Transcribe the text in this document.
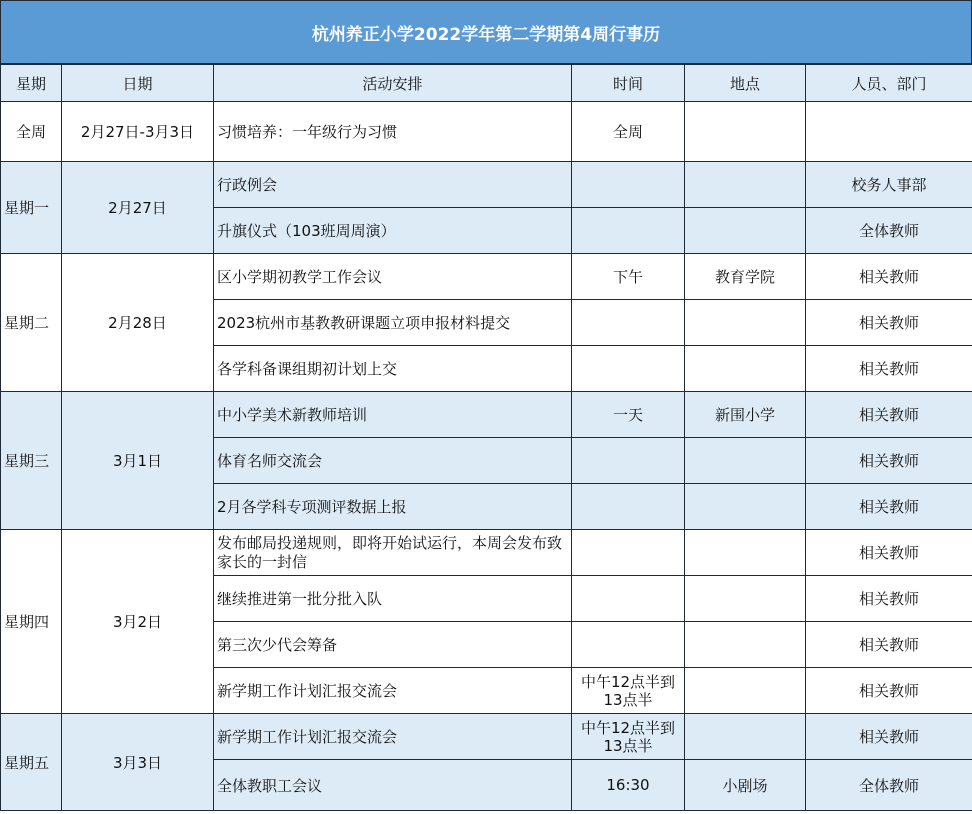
杭州养正小学2022学年第二学期第4周行事历
星期	日期	活动安排	时间	地点	人员、部门
全周	2月27日-3月3日	习惯培养：一年级行为习惯	全周		
星期一	2月27日	行政例会			校务人事部
		升旗仪式（103班周周演）			全体教师
星期二	2月28日	区小学期初教学工作会议	下午	教育学院	相关教师
		2023杭州市基教教研课题立项申报材料提交			相关教师
		各学科备课组期初计划上交			相关教师
星期三	3月1日	中小学美术新教师培训	一天	新围小学	相关教师
		体育名师交流会			相关教师
		2月各学科专项测评数据上报			相关教师
星期四	3月2日	发布邮局投递规则，即将开始试运行，本周会发布致家长的一封信			相关教师
		继续推进第一批分批入队			相关教师
		第三次少代会筹备			相关教师
		新学期工作计划汇报交流会	中午12点半到13点半		相关教师
星期五	3月3日	新学期工作计划汇报交流会	中午12点半到13点半		相关教师
		全体教职工会议	16:30	小剧场	全体教师
